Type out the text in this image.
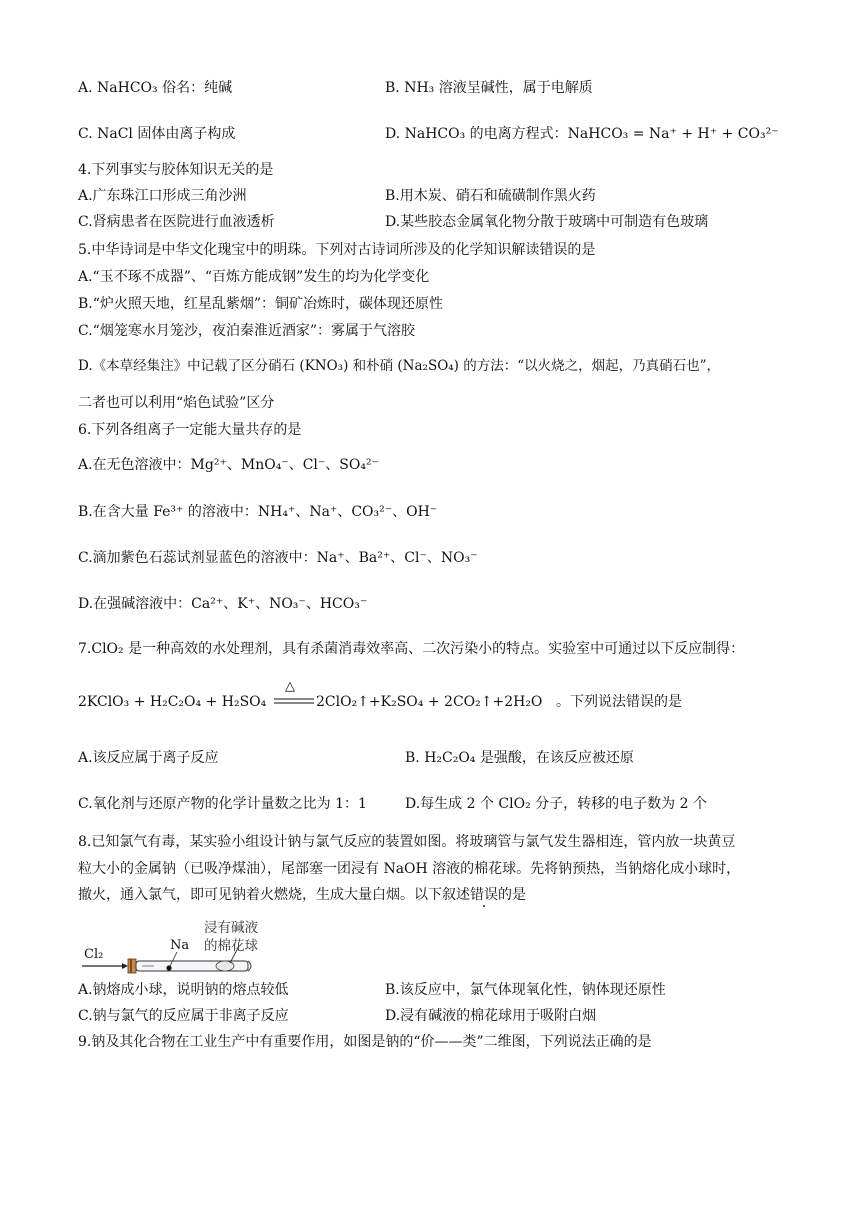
A. NaHCO₃ 俗名：纯碱	B. NH₃ 溶液呈碱性，属于电解质
C. NaCl 固体由离子构成	D. NaHCO₃ 的电离方程式：NaHCO₃ = Na⁺ + H⁺ + CO₃²⁻
4.下列事实与胶体知识无关的是
A.广东珠江口形成三角沙洲	B.用木炭、硝石和硫磺制作黑火药
C.肾病患者在医院进行血液透析	D.某些胶态金属氧化物分散于玻璃中可制造有色玻璃
5.中华诗词是中华文化瑰宝中的明珠。下列对古诗词所涉及的化学知识解读错误的是
A.“玉不琢不成器”、“百炼方能成钢”发生的均为化学变化
B.“炉火照天地，红星乱紫烟”：铜矿冶炼时，碳体现还原性
C.“烟笼寒水月笼沙，夜泊秦淮近酒家”：雾属于气溶胶
D.《本草经集注》中记载了区分硝石 (KNO₃) 和朴硝 (Na₂SO₄) 的方法：“以火烧之，烟起，乃真硝石也”，
二者也可以利用“焰色试验”区分
6.下列各组离子一定能大量共存的是
A.在无色溶液中：Mg²⁺、MnO₄⁻、Cl⁻、SO₄²⁻
B.在含大量 Fe³⁺ 的溶液中：NH₄⁺、Na⁺、CO₃²⁻、OH⁻
C.滴加紫色石蕊试剂显蓝色的溶液中：Na⁺、Ba²⁺、Cl⁻、NO₃⁻
D.在强碱溶液中：Ca²⁺、K⁺、NO₃⁻、HCO₃⁻
7.ClO₂ 是一种高效的水处理剂，具有杀菌消毒效率高、二次污染小的特点。实验室中可通过以下反应制得：
2KClO₃ + H₂C₂O₄ + H₂SO₄
△
2ClO₂↑+K₂SO₄ + 2CO₂↑+2H₂O 。下列说法错误的是
A.该反应属于离子反应	B. H₂C₂O₄ 是强酸，在该反应被还原
C.氧化剂与还原产物的化学计量数之比为 1：1	D.每生成 2 个 ClO₂ 分子，转移的电子数为 2 个
8.已知氯气有毒，某实验小组设计钠与氯气反应的装置如图。将玻璃管与氯气发生器相连，管内放一块黄豆
粒大小的金属钠（已吸净煤油），尾部塞一团浸有 NaOH 溶液的棉花球。先将钠预热，当钠熔化成小球时，
撤火，通入氯气，即可见钠着火燃烧，生成大量白烟。以下叙述错误的是
Cl₂
Na
浸有碱液
的棉花球
A.钠熔成小球，说明钠的熔点较低	B.该反应中，氯气体现氧化性，钠体现还原性
C.钠与氯气的反应属于非离子反应	D.浸有碱液的棉花球用于吸附白烟
9.钠及其化合物在工业生产中有重要作用，如图是钠的“价——类”二维图，下列说法正确的是
